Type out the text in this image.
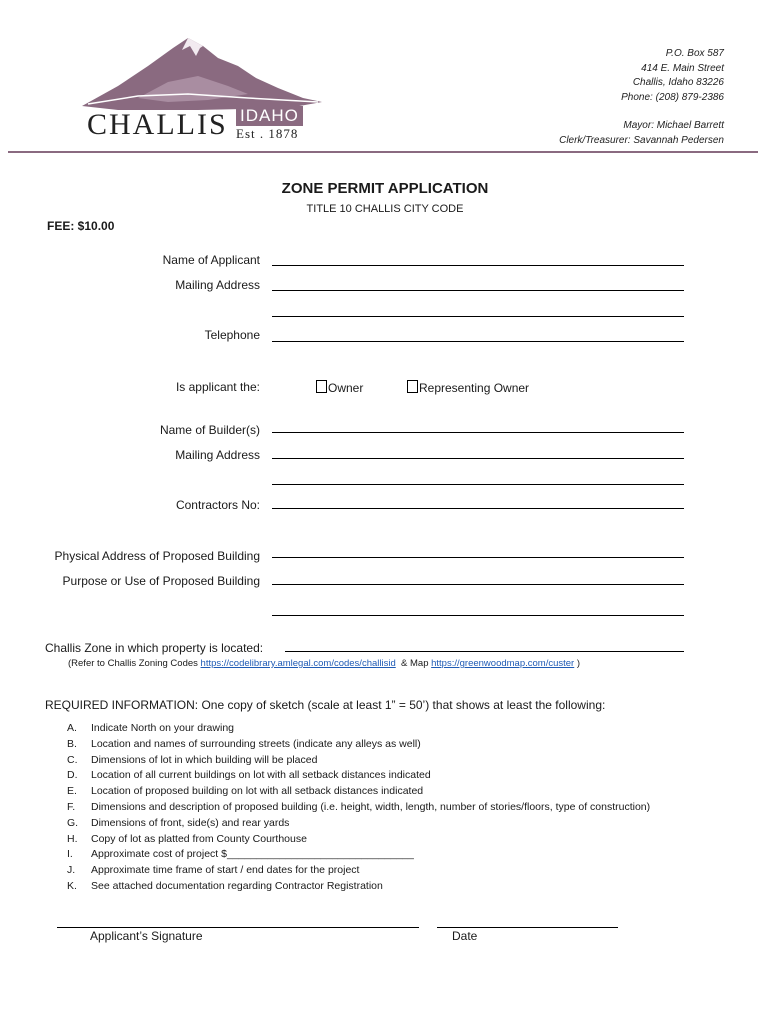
CHALLIS IDAHO
Est . 1878
P.O. Box 587
414 E. Main Street
Challis, Idaho 83226
Phone: (208) 879-2386
Mayor: Michael Barrett
Clerk/Treasurer: Savannah Pedersen
ZONE PERMIT APPLICATION
TITLE 10 CHALLIS CITY CODE
FEE: $10.00
Name of Applicant
Mailing Address
Telephone
Is applicant the:	Owner	Representing Owner
Name of Builder(s)
Mailing Address
Contractors No:
Physical Address of Proposed Building
Purpose or Use of Proposed Building
Challis Zone in which property is located:
(Refer to Challis Zoning Codes https://codelibrary.amlegal.com/codes/challisid  & Map https://greenwoodmap.com/custer )
REQUIRED INFORMATION: One copy of sketch (scale at least 1” = 50’) that shows at least the following:
A. Indicate North on your drawing
B. Location and names of surrounding streets (indicate any alleys as well)
C. Dimensions of lot in which building will be placed
D. Location of all current buildings on lot with all setback distances indicated
E. Location of proposed building on lot with all setback distances indicated
F. Dimensions and description of proposed building (i.e. height, width, length, number of stories/floors, type of construction)
G. Dimensions of front, side(s) and rear yards
H. Copy of lot as platted from County Courthouse
I. Approximate cost of project $________________________________
J. Approximate time frame of start / end dates for the project
K. See attached documentation regarding Contractor Registration
Applicant’s Signature	Date
